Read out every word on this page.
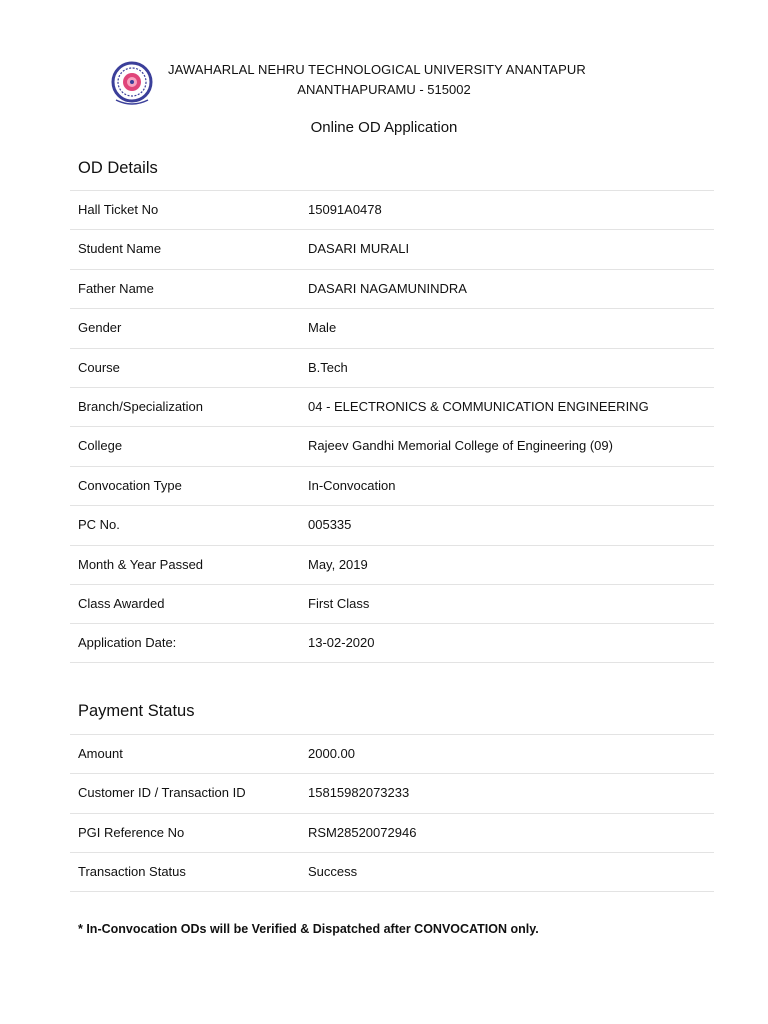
JAWAHARLAL NEHRU TECHNOLOGICAL UNIVERSITY ANANTAPUR
ANANTHAPURAMU - 515002
Online OD Application
OD Details
Hall Ticket No	15091A0478
Student Name	DASARI MURALI
Father Name	DASARI NAGAMUNINDRA
Gender	Male
Course	B.Tech
Branch/Specialization	04 - ELECTRONICS & COMMUNICATION ENGINEERING
College	Rajeev Gandhi Memorial College of Engineering (09)
Convocation Type	In-Convocation
PC No.	005335
Month & Year Passed	May, 2019
Class Awarded	First Class
Application Date:	13-02-2020
Payment Status
Amount	2000.00
Customer ID / Transaction ID	15815982073233
PGI Reference No	RSM28520072946
Transaction Status	Success
* In-Convocation ODs will be Verified & Dispatched after CONVOCATION only.
